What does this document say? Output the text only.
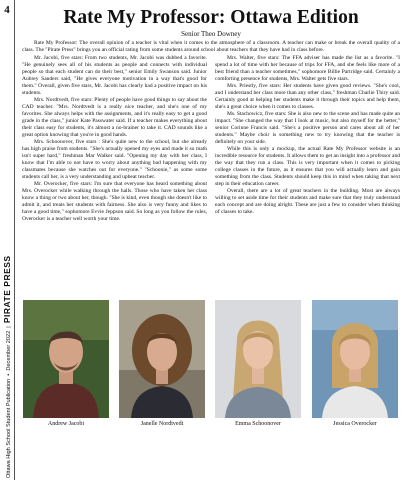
4
Ottawa High School Student Publication  •  December 2022  |  PIRATE PRESS
Rate My Professor: Ottawa Edition
Senior Theo Downey

Rate My Professor: The overall opinion of a teacher is vital when it comes to the atmosphere of a classroom. A teacher can make or break the overall quality of a class. The "Pirate Press" brings you an official rating from some students around school about teachers that they have had in class before.

Mr. Jacobi, five stars: From two students, Mr. Jacobi was dubbed a favorite. "He genuinely sees all of his students as people and connects with individual people so that each student can do their best," senior Emily Swanson said. Junior Aubrey Sanders said, "He gives everyone motivation in a way that's good for them." Overall, given five stars, Mr. Jacobi has clearly had a positive impact on his students.

Mrs. Nordtvedt, five stars: Plenty of people have good things to say about the CAD teacher. "Mrs. Nordtvedt is a really nice teacher, and she's one of my favorites. She always helps with the assignments, and it's really easy to get a good grade in the class," junior Kate Passwater said. If a teacher makes everything about their class easy for students, it's almost a no-brainer to take it. CAD sounds like a great option knowing that you're in good hands.

Mrs. Schoonover, five stars : She's quite new to the school, but she already has high praise from students. "She's actually opened my eyes and made it so math isn't super hard," freshman Mar Walker said. "Opening my day with her class, I know that I'm able to not have to worry about anything bad happening with my classmates because she watches out for everyone." "Schoonie," as some some students call her, is a very understanding and upbeat teacher.

Mr. Overocker, five stars: I'm sure that everyone has heard something about Mrs. Overocker while walking through the halls. Those who have taken her class know a thing or two about her, though. "She is kind, even though she doesn't like to admit it, and treats her students with fairness. She also is very funny and likes to have a good time," sophomore Evvie Jeppson said. So long as you follow the rules, Overocker is a teacher well worth your time.

Mrs. Walter, five stars: The FFA adviser has made the list as a favorite. "I spend a lot of time with her because of trips for FFA, and she feels like more of a best friend than a teacher sometimes," sophomore Billie Partridge said. Certainly a comforting presence for students, Mrs. Walter gets five stars.

Mrs. Priestly, five stars: Her students have given good reviews. "She's cool, and I understand her class more than any other class," freshman Charlie Thiry said. Certainly good at helping her students make it through their topics and help them, she's a great choice when it comes to classes.

Ms. Stachowicz, five stars: She is also new to the scene and has made quite an impact. "She changed the way that I look at music, but also myself for the better," senior Corinne Francis said. "She's a positive person and cares about all of her students." Maybe choir is something new to try knowing that the teacher is definitely on your side.

While this is only a mockup, the actual Rate My Professor website is an incredible resource for students. It allows them to get an insight into a professor and the way that they run a class. This is very important when it comes to picking college classes in the future, as it ensures that you will actually learn and gain something from the class. Students should keep this in mind when taking that next step in their education career.

Overall, there are a lot of great teachers in the building. Most are always willing to set aside time for their students and make sure that they truly understand each concept and are doing alright. These are just a few to consider when thinking of classes to take.

Andrew Jacobi	Janelle Nordtvedt	Emma Schoonover	Jessica Overocker
